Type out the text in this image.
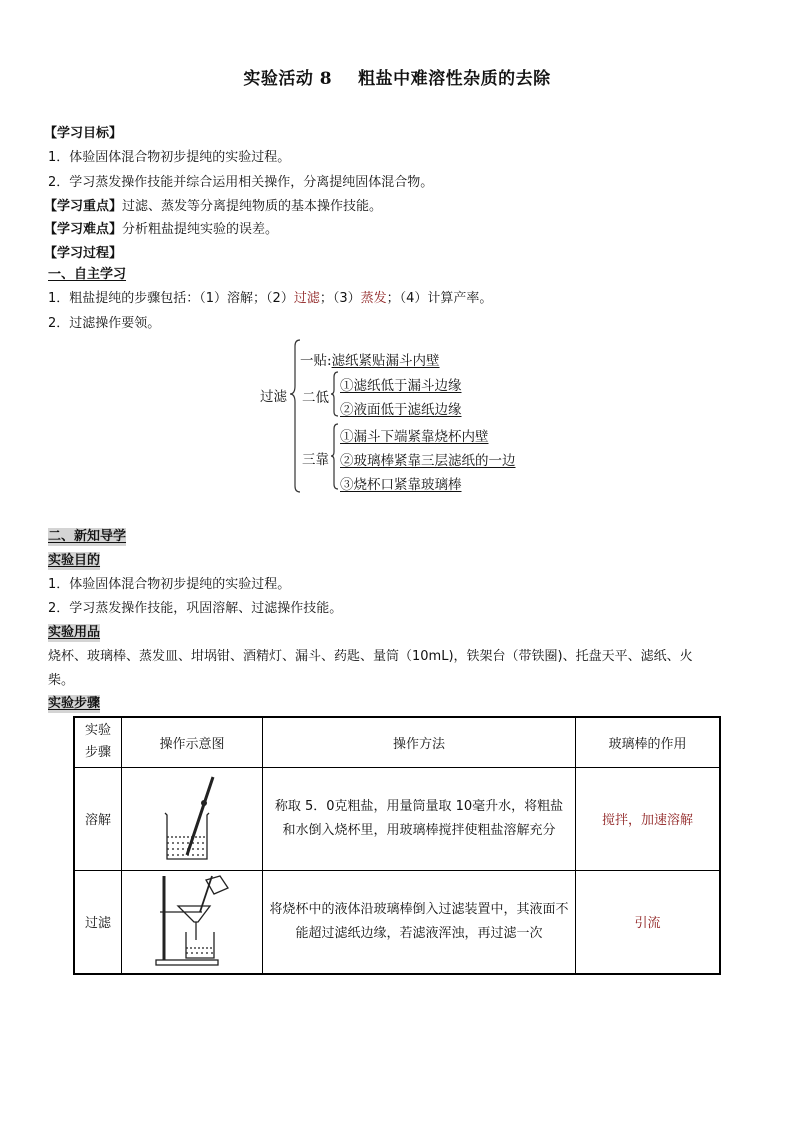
实验活动 8 粗盐中难溶性杂质的去除
【学习目标】
1．体验固体混合物初步提纯的实验过程。
2．学习蒸发操作技能并综合运用相关操作，分离提纯固体混合物。
【学习重点】过滤、蒸发等分离提纯物质的基本操作技能。
【学习难点】分析粗盐提纯实验的误差。
【学习过程】
一、自主学习
1．粗盐提纯的步骤包括：（1）溶解；（2）过滤；（3）蒸发；（4）计算产率。
2．过滤操作要领。
过滤
一贴:滤纸紧贴漏斗内壁
二低
①滤纸低于漏斗边缘
②液面低于滤纸边缘
三靠
①漏斗下端紧靠烧杯内壁
②玻璃棒紧靠三层滤纸的一边
③烧杯口紧靠玻璃棒
二、新知导学
实验目的
1．体验固体混合物初步提纯的实验过程。
2．学习蒸发操作技能，巩固溶解、过滤操作技能。
实验用品
烧杯、玻璃棒、蒸发皿、坩埚钳、酒精灯、漏斗、药匙、量筒（10mL)，铁架台（带铁圈)、托盘天平、滤纸、火
柴。
实验步骤
实验
步骤	操作示意图	操作方法	玻璃棒的作用
溶解		称取 5．0克粗盐，用量筒量取 10毫升水，将粗盐和水倒入烧杯里，用玻璃棒搅拌使粗盐溶解充分	搅拌，加速溶解
过滤		将烧杯中的液体沿玻璃棒倒入过滤装置中，其液面不能超过滤纸边缘，若滤液浑浊，再过滤一次	引流
